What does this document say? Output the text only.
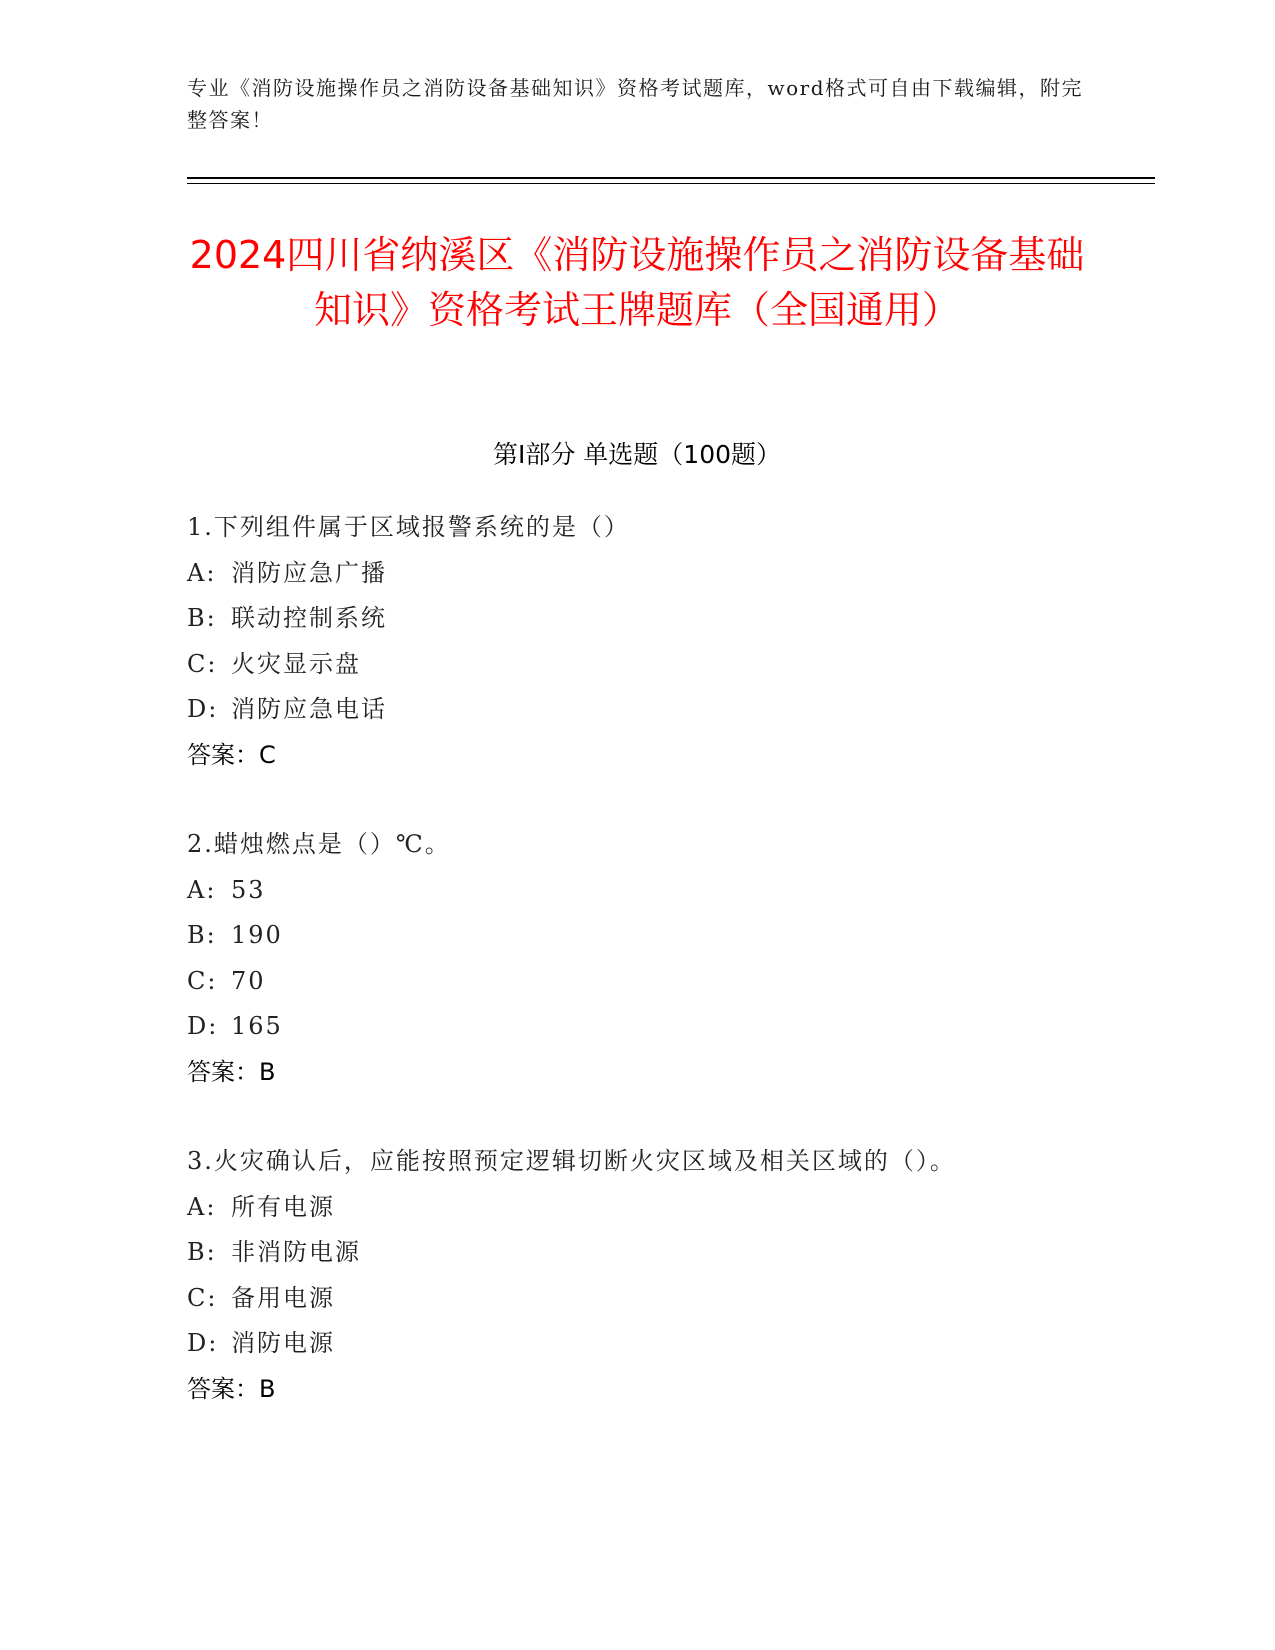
专业《消防设施操作员之消防设备基础知识》资格考试题库，word格式可自由下载编辑，附完整答案！
2024四川省纳溪区《消防设施操作员之消防设备基础知识》资格考试王牌题库（全国通用）
第I部分 单选题（100题）
1.下列组件属于区域报警系统的是（）
A: 消防应急广播
B: 联动控制系统
C: 火灾显示盘
D: 消防应急电话
答案：C
2.蜡烛燃点是（）℃。
A: 53
B: 190
C: 70
D: 165
答案：B
3.火灾确认后，应能按照预定逻辑切断火灾区域及相关区域的（）。
A: 所有电源
B: 非消防电源
C: 备用电源
D: 消防电源
答案：B
